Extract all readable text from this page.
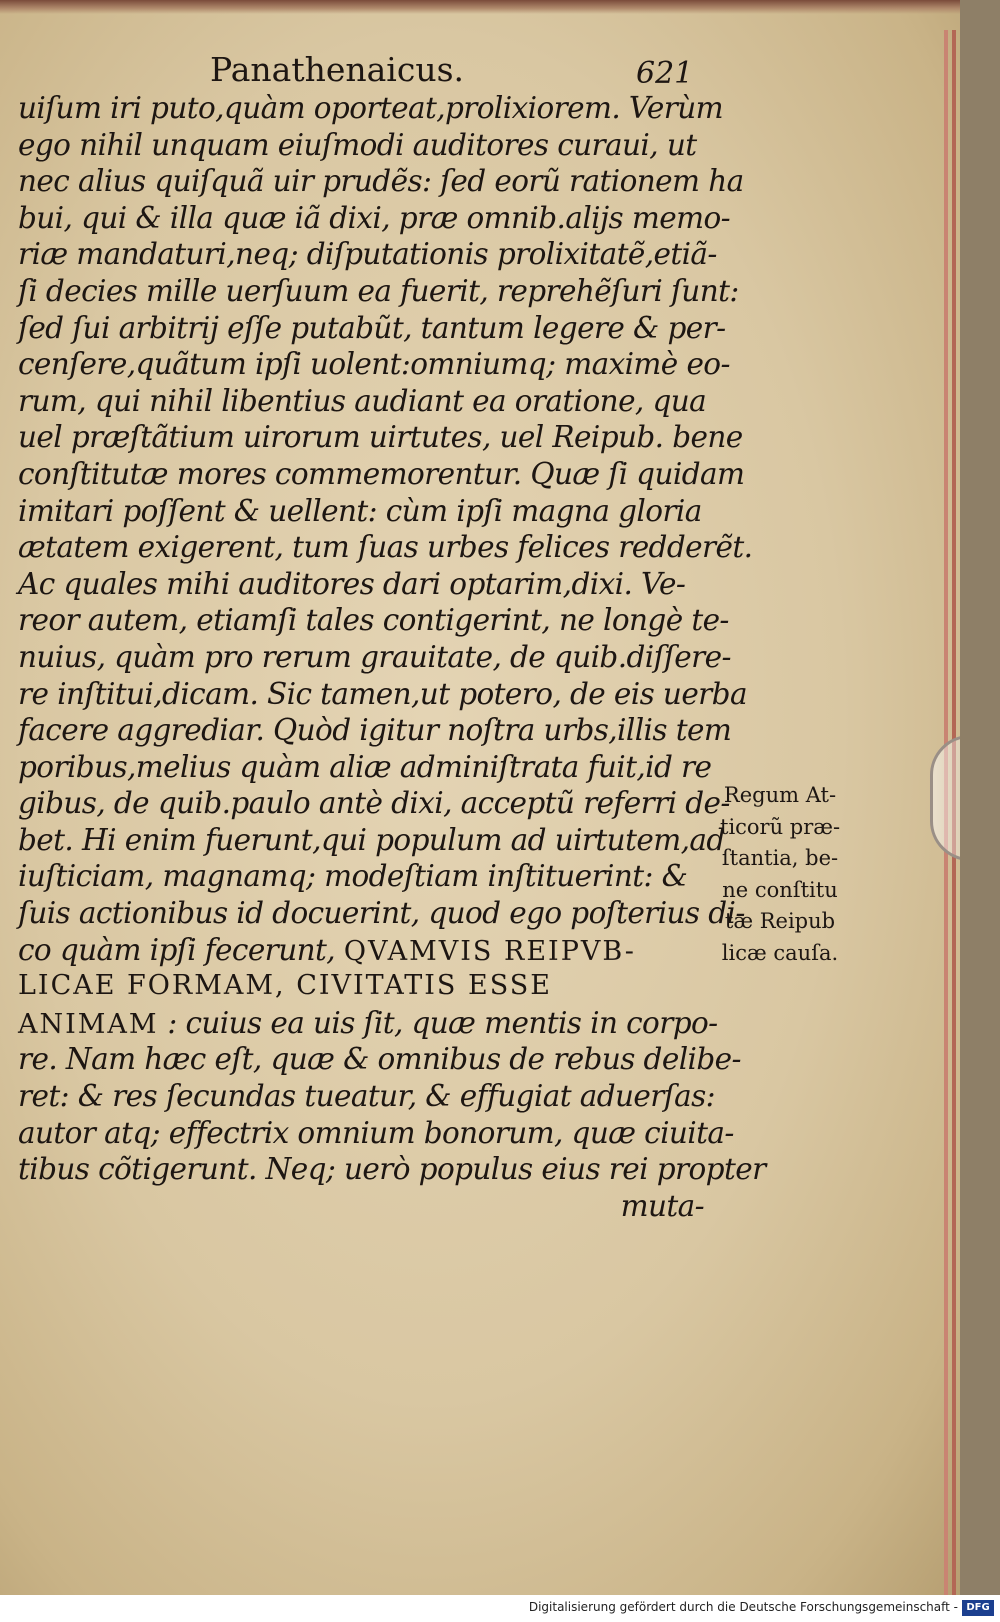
Panathenaicus.	621
uiſum iri puto,quàm oporteat,prolixiorem. Verùm
ego nihil unquam eiuſmodi auditores curaui, ut
nec alius quiſquã uir prudẽs: ſed eorũ rationem ha
bui, qui & illa quæ iã dixi, præ omnib.alijs memo-
riæ mandaturi,neq; diſputationis prolixitatẽ,etiã-
ſi decies mille uerſuum ea fuerit, reprehẽſuri ſunt:
ſed ſui arbitrij eſſe putabũt, tantum legere & per-
cenſere,quãtum ipſi uolent:omniumq; maximè eo-
rum, qui nihil libentius audiant ea oratione, qua
uel præſtãtium uirorum uirtutes, uel Reipub. bene
conſtitutæ mores commemorentur. Quæ ſi quidam
imitari poſſent & uellent: cùm ipſi magna gloria
ætatem exigerent, tum ſuas urbes felices redderẽt.
Ac quales mihi auditores dari optarim,dixi. Ve-
reor autem, etiamſi tales contigerint, ne longè te-
nuius, quàm pro rerum grauitate, de quib.diſſere-
re inſtitui,dicam. Sic tamen,ut potero, de eis uerba
facere aggrediar. Quòd igitur noſtra urbs,illis tem
poribus,melius quàm aliæ adminiſtrata fuit,id re
gibus, de quib.paulo antè dixi, acceptũ referri de-
bet. Hi enim fuerunt,qui populum ad uirtutem,ad
iuſticiam, magnamq; modeſtiam inſtituerint: &
ſuis actionibus id docuerint, quod ego poſterius di-
co quàm ipſi fecerunt, QVAMVIS REIPVB-
LICAE FORMAM, CIVITATIS ESSE
ANIMAM : cuius ea uis ſit, quæ mentis in corpo-
re. Nam hæc eſt, quæ & omnibus de rebus delibe-
ret: & res ſecundas tueatur, & effugiat aduerſas:
autor atq; effectrix omnium bonorum, quæ ciuita-
tibus cõtigerunt. Neq; uerò populus eius rei propter
muta-
Regum At-
ticorũ præ-
ſtantia, be-
ne conſtitu
tæ Reipub
licæ cauſa.
Digitalisierung gefördert durch die Deutsche Forschungsgemeinschaft - DFG
